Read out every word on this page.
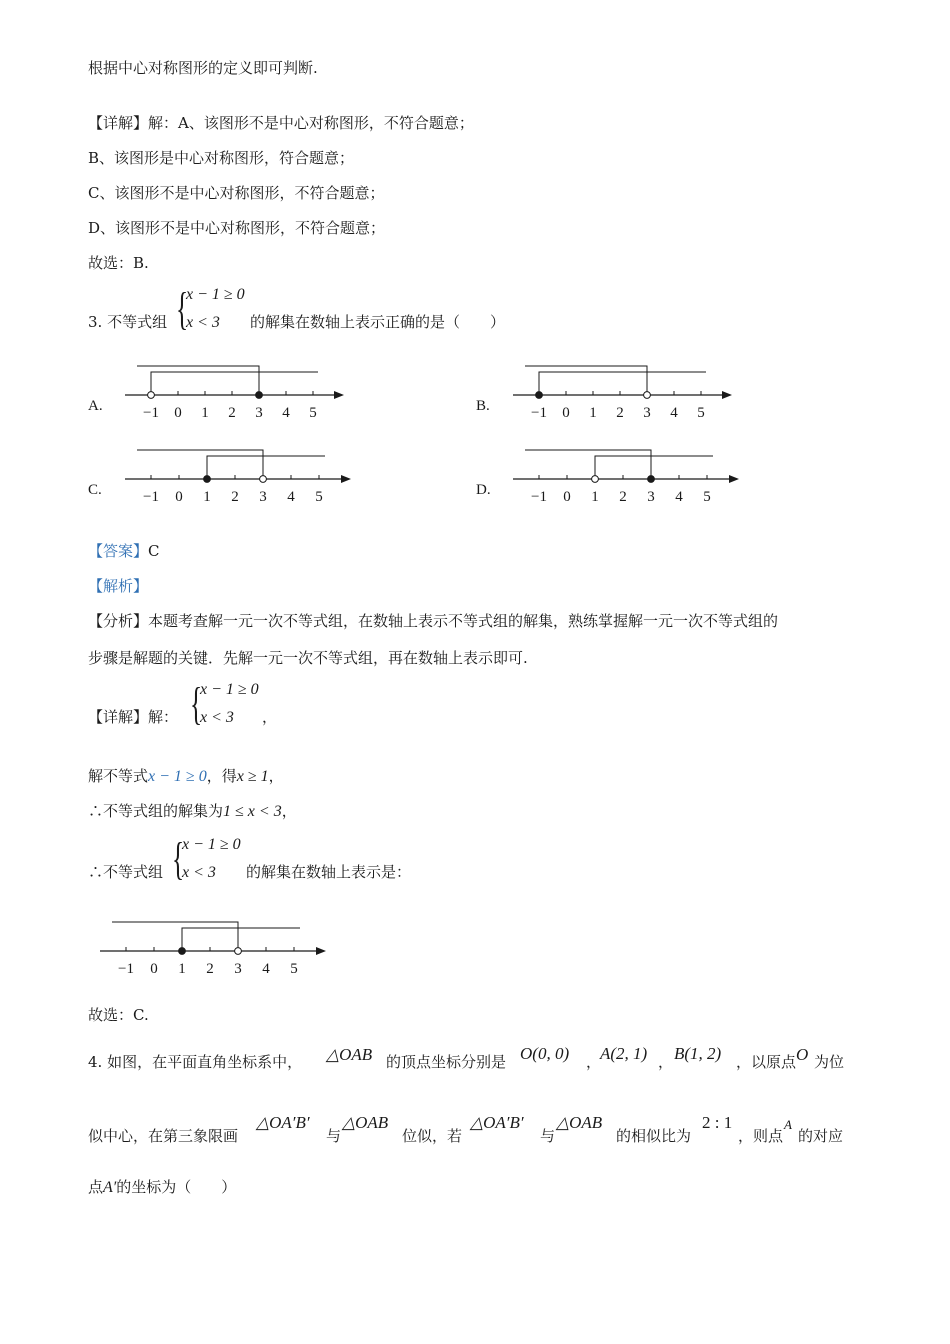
根据中心对称图形的定义即可判断.
【详解】解：A、该图形不是中心对称图形，不符合题意；
B、该图形是中心对称图形，符合题意；
C、该图形不是中心对称图形，不符合题意；
D、该图形不是中心对称图形，不符合题意；
故选：B.
3. 不等式组 {
x − 1 ≥ 0
x < 3 的解集在数轴上表示正确的是（　　）
A.	−1 0 1 2 3 4 5	B.	−1 0 1 2 3 4 5
C.	−1 0 1 2 3 4 5	D.	−1 0 1 2 3 4 5
【答案】C
【解析】
【分析】本题考查解一元一次不等式组，在数轴上表示不等式组的解集，熟练掌握解一元一次不等式组的
步骤是解题的关键．先解一元一次不等式组，再在数轴上表示即可.
【详解】解： {
x − 1 ≥ 0
x < 3 ，
解不等式x − 1 ≥ 0，得x ≥ 1，
∴不等式组的解集为1 ≤ x < 3，
∴不等式组 {
x − 1 ≥ 0
x < 3 的解集在数轴上表示是：
−1 0 1 2 3 4 5
故选：C.
4. 如图，在平面直角坐标系中， △OAB 的顶点坐标分别是 O(0, 0) ，
A(2, 1) ， B(1, 2) ，以原点 O 为位
似中心，在第三象限画
△OA′B′
与
△OAB
位似，若
△OA′B′
与
△OAB
的相似比为
2 : 1
，则点
A
的对应
点A′的坐标为（　　）
